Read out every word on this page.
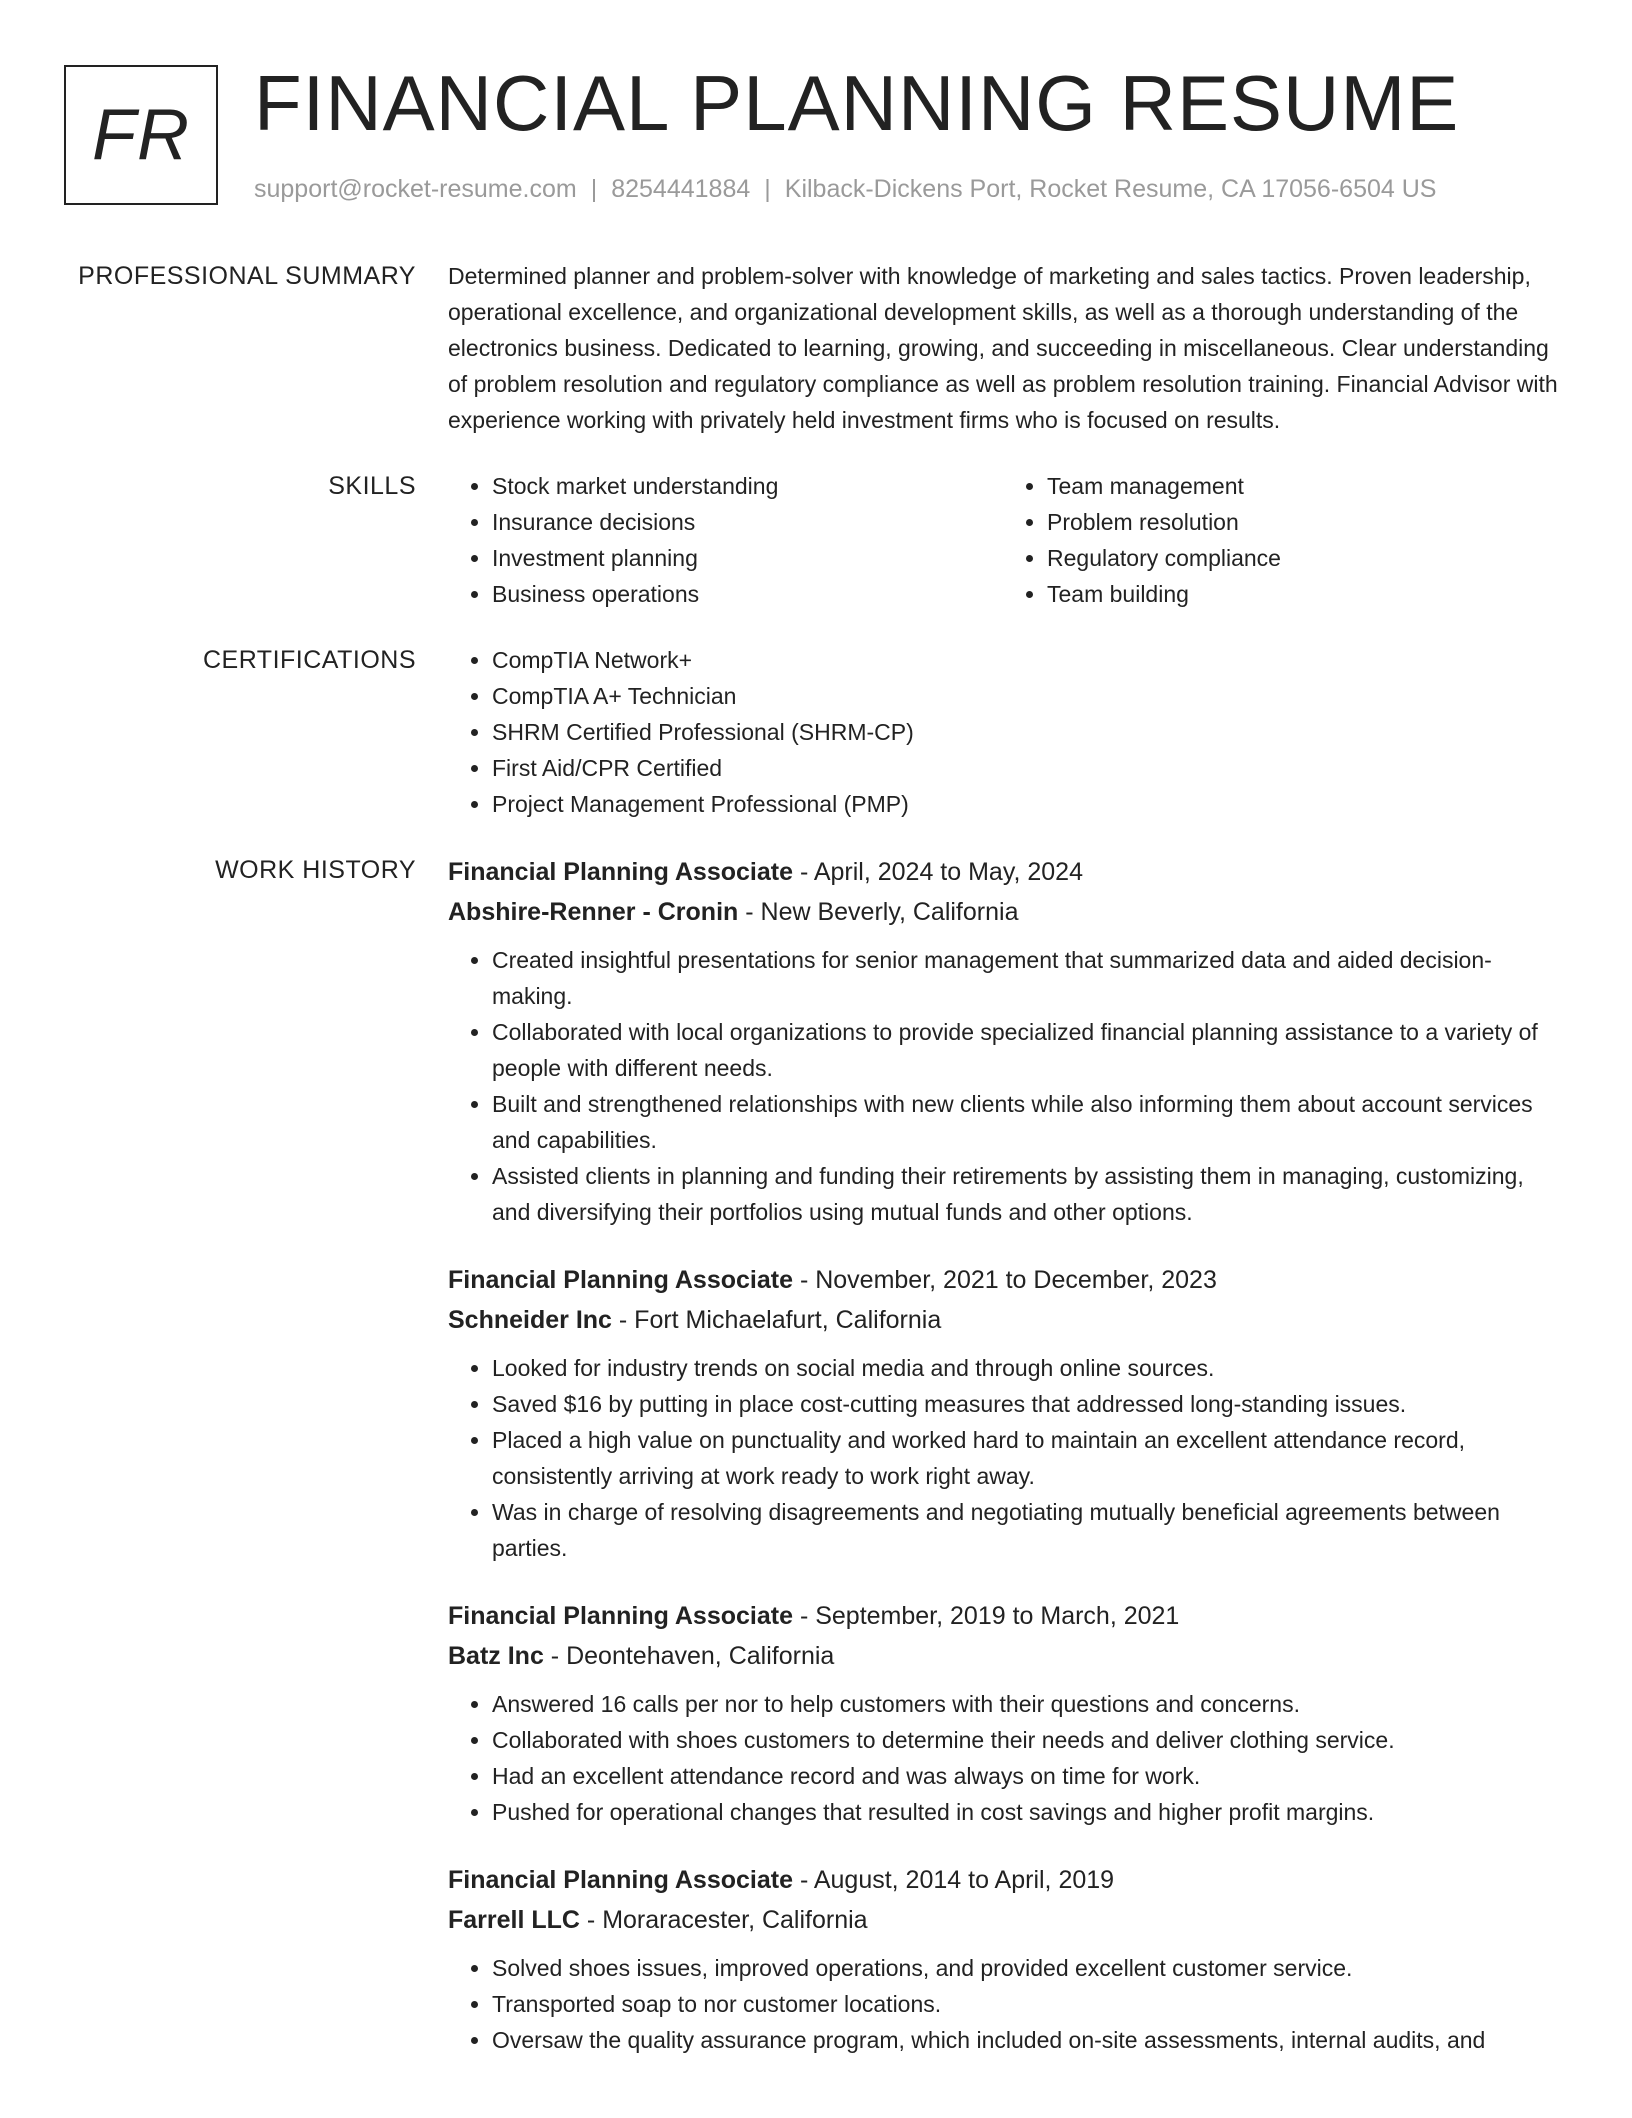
FR FINANCIAL PLANNING RESUME
support@rocket-resume.com | 8254441884 | Kilback-Dickens Port, Rocket Resume, CA 17056-6504 US
PROFESSIONAL SUMMARY Determined planner and problem-solver with knowledge of marketing and sales tactics. Proven leadership, operational excellence, and organizational development skills, as well as a thorough understanding of the electronics business. Dedicated to learning, growing, and succeeding in miscellaneous. Clear understanding of problem resolution and regulatory compliance as well as problem resolution training. Financial Advisor with experience working with privately held investment firms who is focused on results.

SKILLS	• Stock market understanding
• Insurance decisions
• Investment planning
• Business operations
• Team management
• Problem resolution
• Regulatory compliance
• Team building
CERTIFICATIONS	• CompTIA Network+
• CompTIA A+ Technician
• SHRM Certified Professional (SHRM-CP)
• First Aid/CPR Certified
• Project Management Professional (PMP)
WORK HISTORY Financial Planning Associate - April, 2024 to May, 2024
Abshire-Renner - Cronin - New Beverly, California
• Created insightful presentations for senior management that summarized data and aided decision-making.
• Collaborated with local organizations to provide specialized financial planning assistance to a variety of people with different needs.
• Built and strengthened relationships with new clients while also informing them about account services and capabilities.
• Assisted clients in planning and funding their retirements by assisting them in managing, customizing, and diversifying their portfolios using mutual funds and other options.
Financial Planning Associate - November, 2021 to December, 2023
Schneider Inc - Fort Michaelafurt, California
• Looked for industry trends on social media and through online sources.
• Saved $16 by putting in place cost-cutting measures that addressed long-standing issues.
• Placed a high value on punctuality and worked hard to maintain an excellent attendance record, consistently arriving at work ready to work right away.
• Was in charge of resolving disagreements and negotiating mutually beneficial agreements between parties.
Financial Planning Associate - September, 2019 to March, 2021
Batz Inc - Deontehaven, California
• Answered 16 calls per nor to help customers with their questions and concerns.
• Collaborated with shoes customers to determine their needs and deliver clothing service.
• Had an excellent attendance record and was always on time for work.
• Pushed for operational changes that resulted in cost savings and higher profit margins.
Financial Planning Associate - August, 2014 to April, 2019
Farrell LLC - Moraracester, California
• Solved shoes issues, improved operations, and provided excellent customer service.
• Transported soap to nor customer locations.
• Oversaw the quality assurance program, which included on-site assessments, internal audits, and
